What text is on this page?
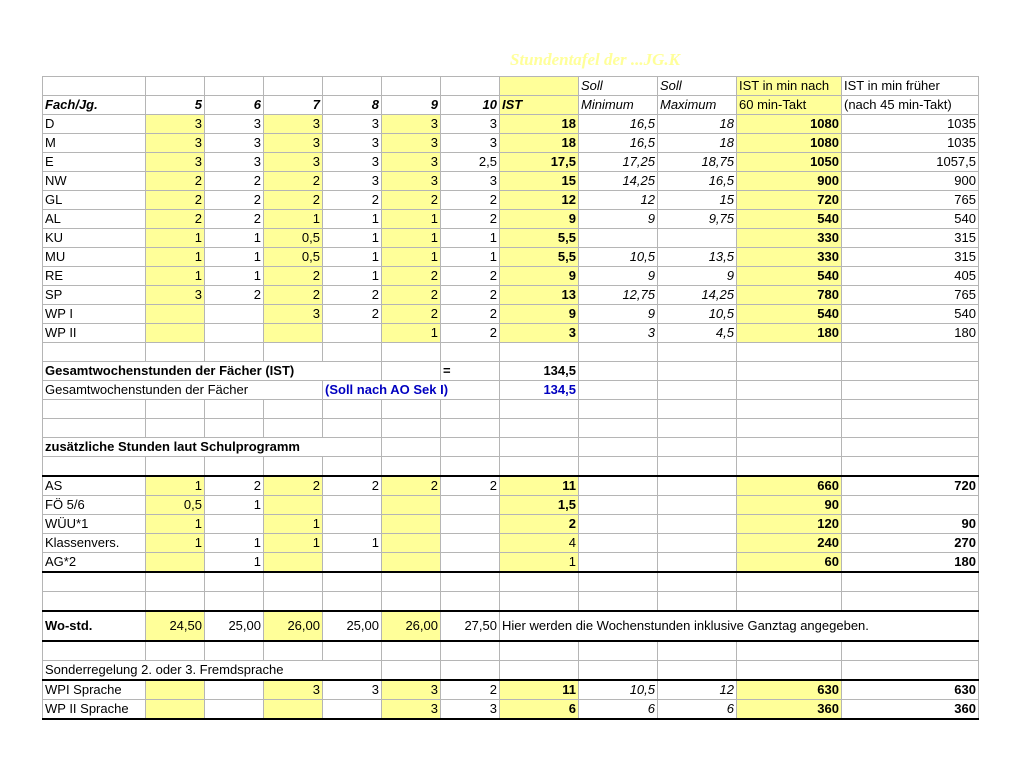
Stundentafel der ...JG.K
								Soll	Soll	IST in min nach	IST in min früher
Fach/Jg.	5	6	7	8	9	10	IST	Minimum	Maximum	60 min-Takt	(nach 45 min-Takt)
D	3	3	3	3	3	3	18	16,5	18	1080	1035
M	3	3	3	3	3	3	18	16,5	18	1080	1035
E	3	3	3	3	3	2,5	17,5	17,25	18,75	1050	1057,5
NW	2	2	2	3	3	3	15	14,25	16,5	900	900
GL	2	2	2	2	2	2	12	12	15	720	765
AL	2	2	1	1	1	2	9	9	9,75	540	540
KU	1	1	0,5	1	1	1	5,5			330	315
MU	1	1	0,5	1	1	1	5,5	10,5	13,5	330	315
RE	1	1	2	1	2	2	9	9	9	540	405
SP	3	2	2	2	2	2	13	12,75	14,25	780	765
WP I			3	2	2	2	9	9	10,5	540	540
WP II					1	2	3	3	4,5	180	180

Gesamtwochenstunden der Fächer (IST)						=	134,5				
Gesamtwochenstunden der Fächer				(Soll nach AO Sek I)			134,5				

zusätzliche Stunden laut Schulprogramm											

AS	1	2	2	2	2	2	11			660	720
FÖ 5/6	0,5	1					1,5			90	
WÜU*1	1		1				2			120	90
Klassenvers.	1	1	1	1			4			240	270
AG*2		1					1			60	180

Wo-std.	24,50	25,00	26,00	25,00	26,00	27,50	Hier werden die Wochenstunden inklusive Ganztag angegeben.				

Sonderregelung 2. oder 3. Fremdsprache											
WPI Sprache			3	3	3	2	11	10,5	12	630	630
WP II Sprache					3	3	6	6	6	360	360
